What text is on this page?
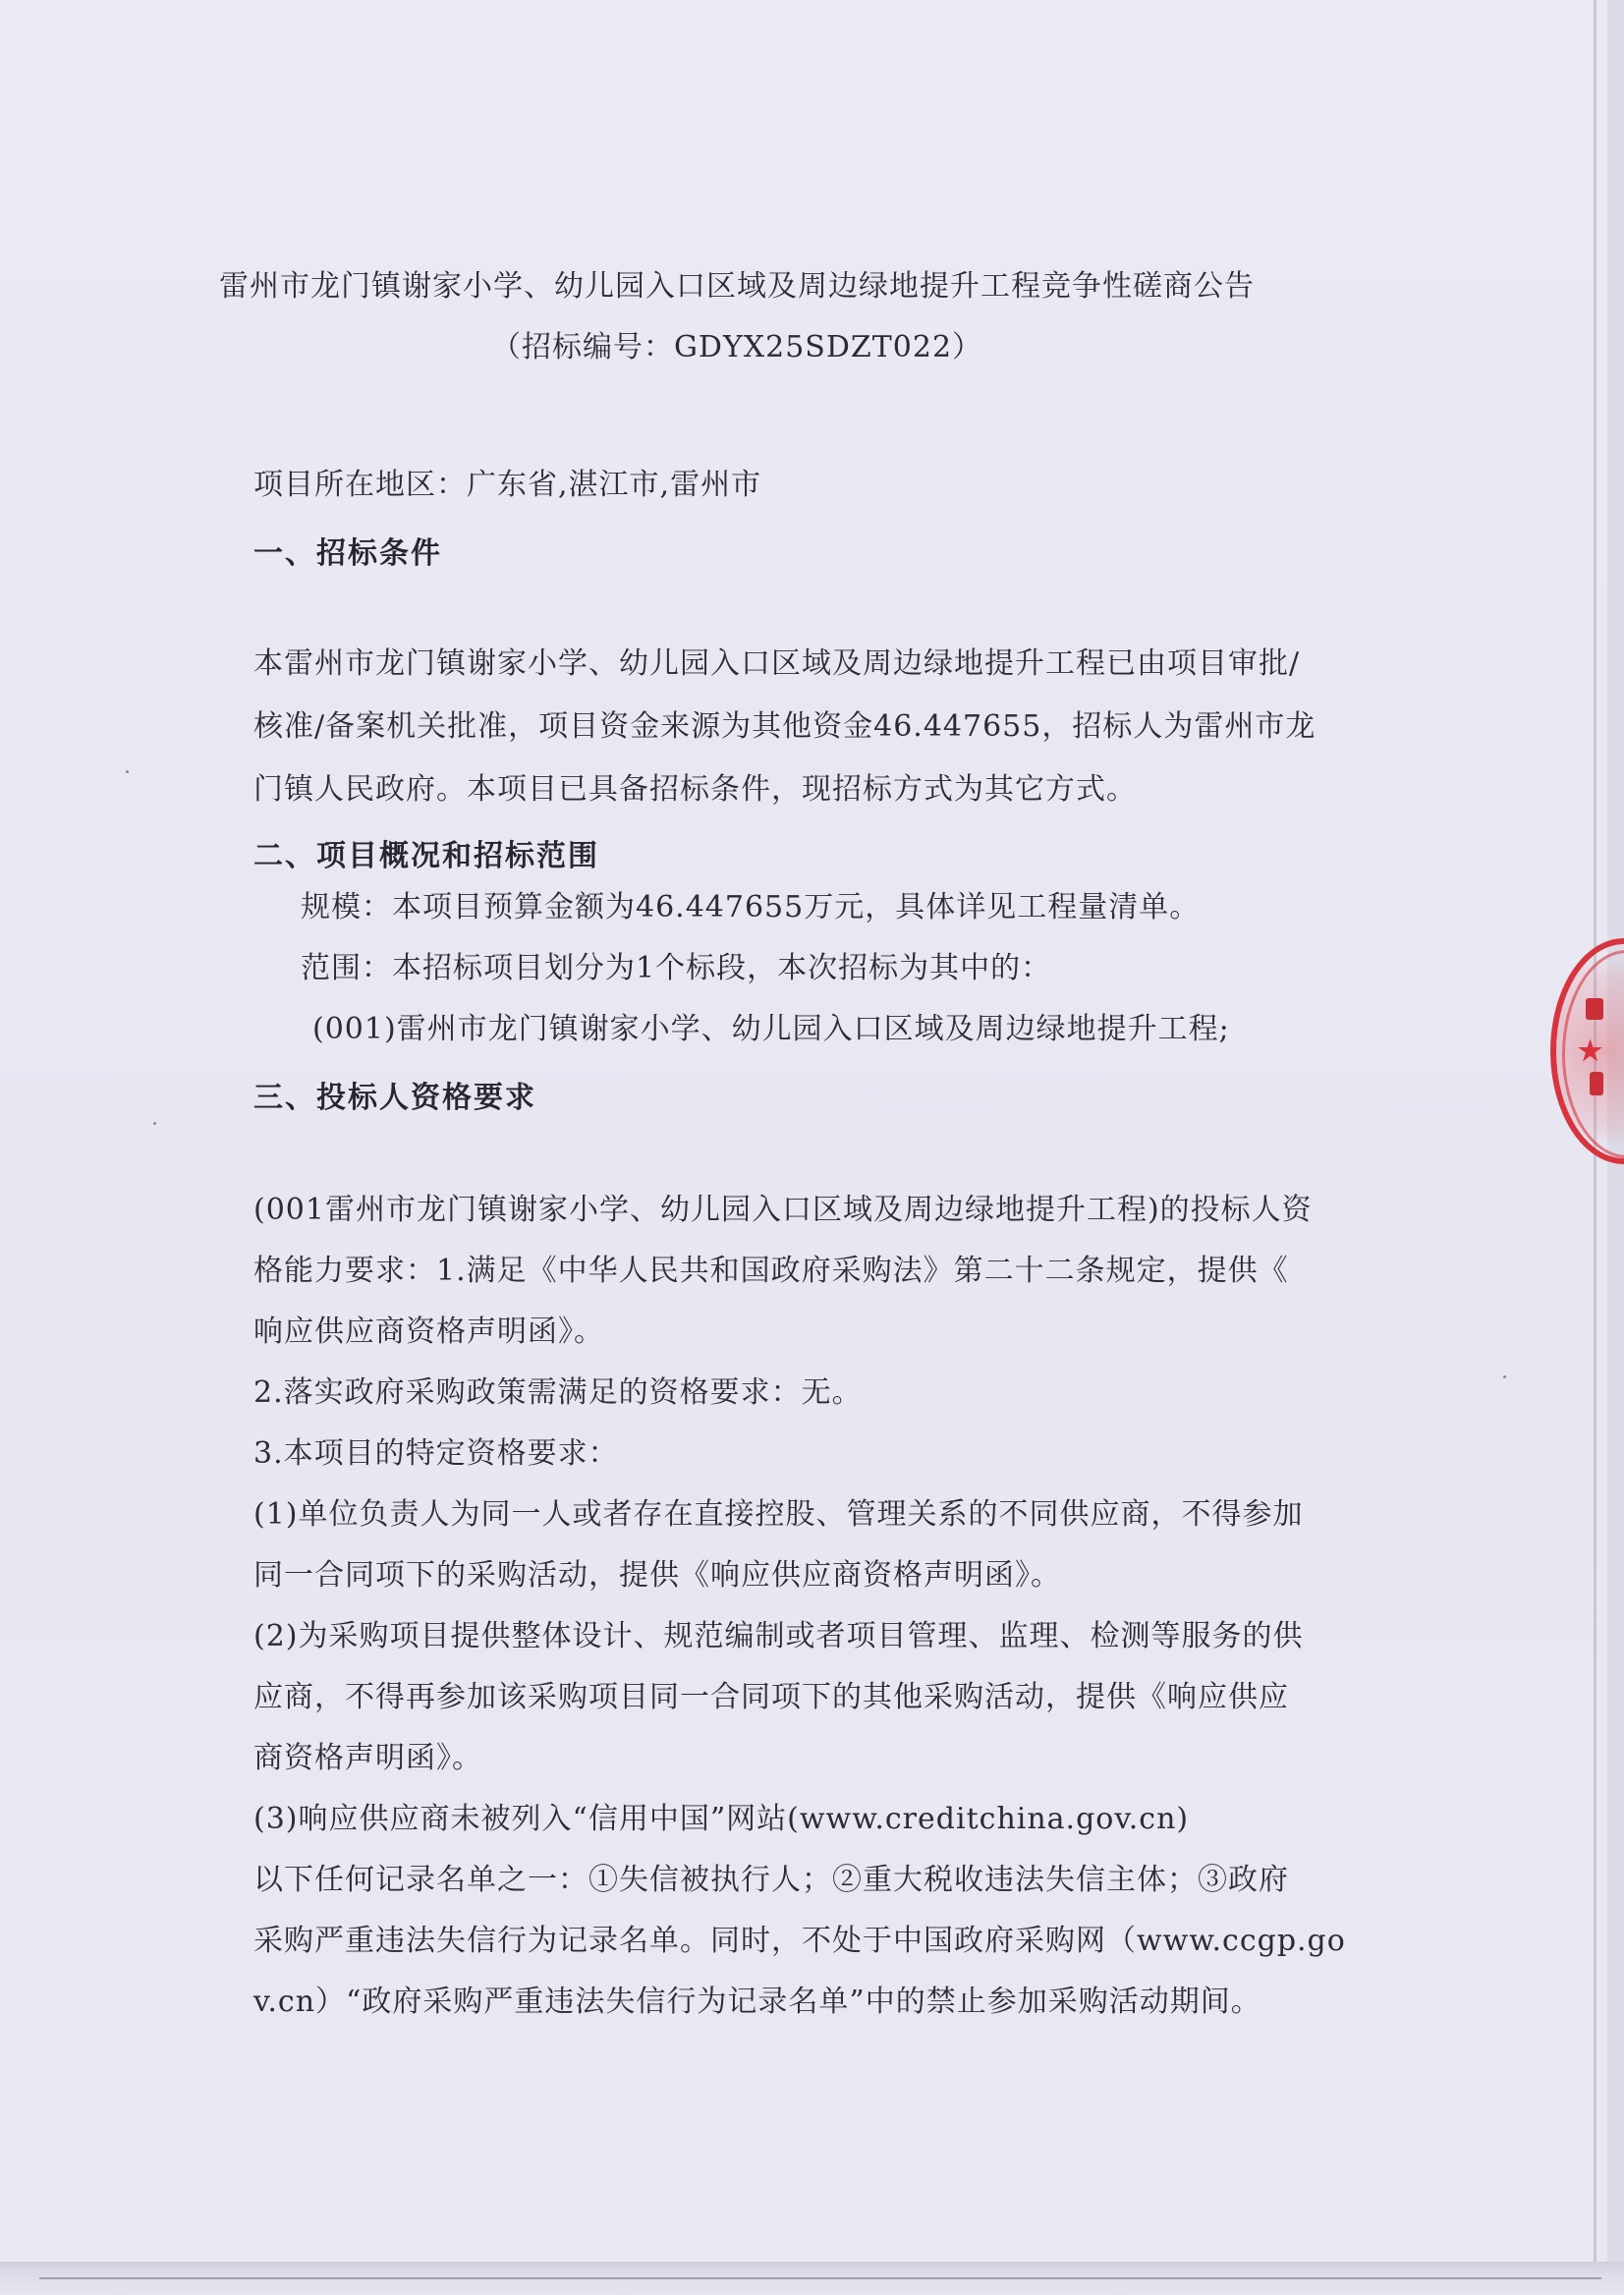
雷州市龙门镇谢家小学、幼儿园入口区域及周边绿地提升工程竞争性磋商公告
（招标编号：GDYX25SDZT022）
项目所在地区：广东省,湛江市,雷州市
一、招标条件
本雷州市龙门镇谢家小学、幼儿园入口区域及周边绿地提升工程已由项目审批/
核准/备案机关批准，项目资金来源为其他资金46.447655，招标人为雷州市龙
门镇人民政府。本项目已具备招标条件，现招标方式为其它方式。
二、项目概况和招标范围
规模：本项目预算金额为46.447655万元，具体详见工程量清单。
范围：本招标项目划分为1个标段，本次招标为其中的：
(001)雷州市龙门镇谢家小学、幼儿园入口区域及周边绿地提升工程;
三、投标人资格要求
(001雷州市龙门镇谢家小学、幼儿园入口区域及周边绿地提升工程)的投标人资
格能力要求：1.满足《中华人民共和国政府采购法》第二十二条规定，提供《
响应供应商资格声明函》。
2.落实政府采购政策需满足的资格要求：无。
3.本项目的特定资格要求：
(1)单位负责人为同一人或者存在直接控股、管理关系的不同供应商，不得参加
同一合同项下的采购活动，提供《响应供应商资格声明函》。
(2)为采购项目提供整体设计、规范编制或者项目管理、监理、检测等服务的供
应商，不得再参加该采购项目同一合同项下的其他采购活动，提供《响应供应
商资格声明函》。
(3)响应供应商未被列入“信用中国”网站(www.creditchina.gov.cn)
以下任何记录名单之一：①失信被执行人；②重大税收违法失信主体；③政府
采购严重违法失信行为记录名单。同时，不处于中国政府采购网（www.ccgp.go
v.cn）“政府采购严重违法失信行为记录名单”中的禁止参加采购活动期间。
★
